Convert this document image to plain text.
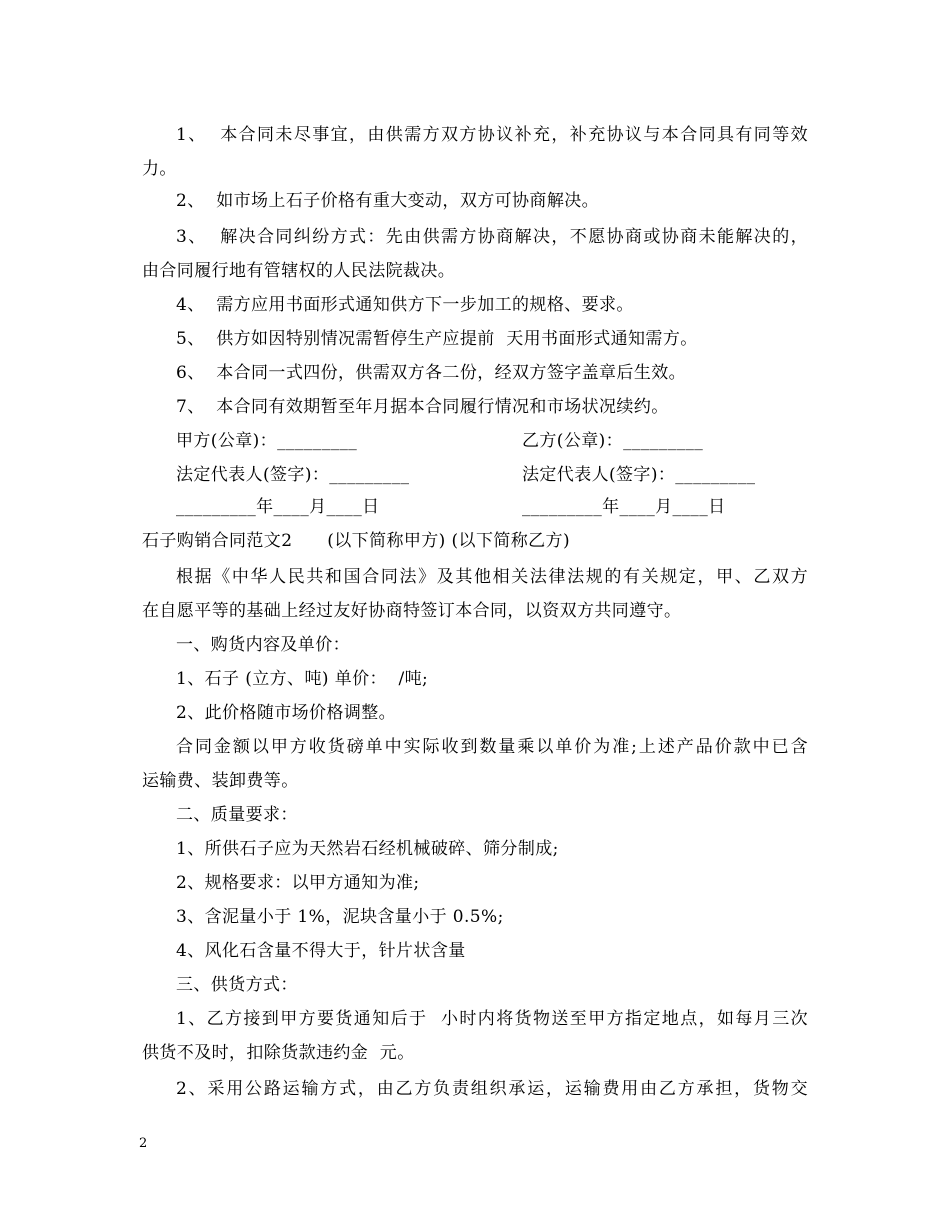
1、  本合同未尽事宜，由供需方双方协议补充，补充协议与本合同具有同等效
力。
2、  如市场上石子价格有重大变动，双方可协商解决。
3、  解决合同纠纷方式：先由供需方协商解决，不愿协商或协商未能解决的，
由合同履行地有管辖权的人民法院裁决。
4、  需方应用书面形式通知供方下一步加工的规格、要求。
5、  供方如因特别情况需暂停生产应提前  天用书面形式通知需方。
6、  本合同一式四份，供需双方各二份，经双方签字盖章后生效。
7、  本合同有效期暂至年月据本合同履行情况和市场状况续约。
甲方(公章)：_________	乙方(公章)：_________
法定代表人(签字)：_________	法定代表人(签字)：_________
_________年____月____日	_________年____月____日
石子购销合同范文2      (以下简称甲方) (以下简称乙方)
根据《中华人民共和国合同法》及其他相关法律法规的有关规定，甲、乙双方
在自愿平等的基础上经过友好协商特签订本合同，以资双方共同遵守。
一、购货内容及单价：
1、石子 (立方、吨) 单价：  /吨;
2、此价格随市场价格调整。
合同金额以甲方收货磅单中实际收到数量乘以单价为准;上述产品价款中已含
运输费、装卸费等。
二、质量要求：
1、所供石子应为天然岩石经机械破碎、筛分制成;
2、规格要求：以甲方通知为准;
3、含泥量小于 1%，泥块含量小于 0.5%;
4、风化石含量不得大于，针片状含量
三、供货方式：
1、乙方接到甲方要货通知后于  小时内将货物送至甲方指定地点，如每月三次
供货不及时，扣除货款违约金  元。
2、采用公路运输方式，由乙方负责组织承运，运输费用由乙方承担，货物交
2
